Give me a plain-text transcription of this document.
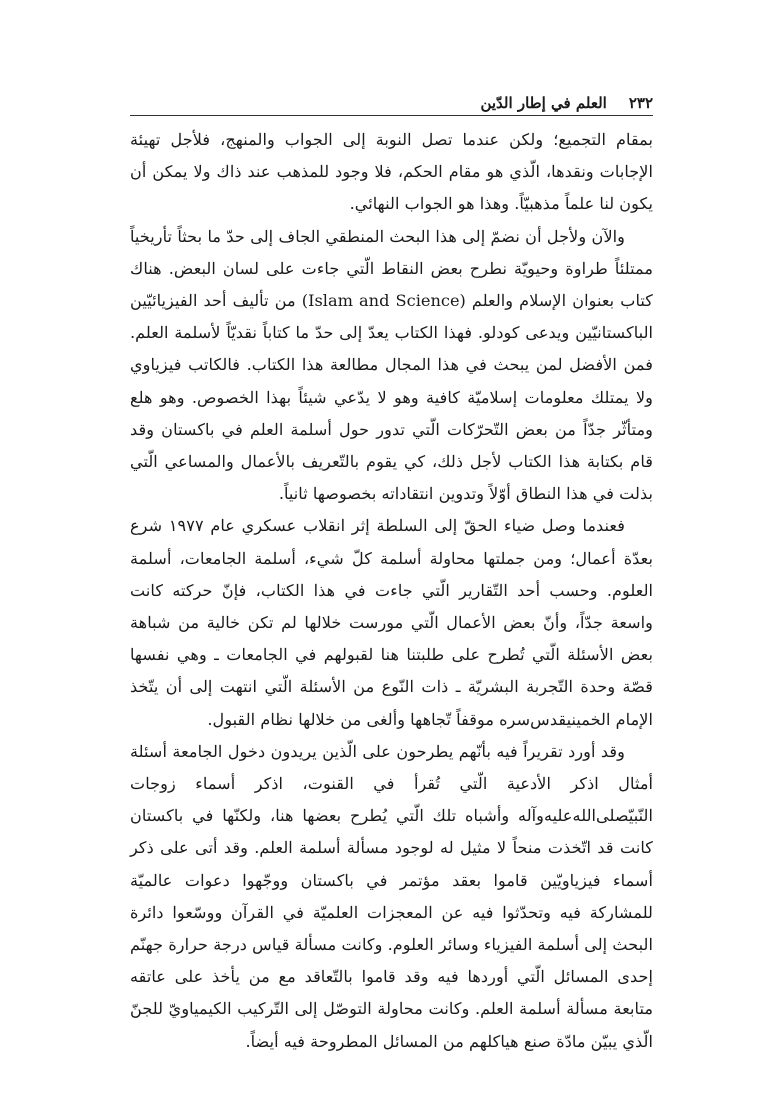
٢٣٢
العلم في إطار الدّين

بمقام التجميع؛ ولكن عندما تصل النوبة إلى الجواب والمنهج، فلأجل تهيئة الإجابات ونقدها، الّذي هو مقام الحكم، فلا وجود للمذهب عند ذاك ولا يمكن أن يكون لنا علماً مذهبيّاً. وهذا هو الجواب النهائي.

والآن ولأجل أن نضمّ إلى هذا البحث المنطقي الجاف إلى حدّ ما بحثاً تأريخياً ممتلئاً طراوة وحيويّة نطرح بعض النقاط الّتي جاءت على لسان البعض. هناك كتاب بعنوان الإسلام والعلم (Islam and Science) من تأليف أحد الفيزيائيّين الباكستانيّين ويدعى كودلو. فهذا الكتاب يعدّ إلى حدّ ما كتاباً نقديّاً لأسلمة العلم. فمن الأفضل لمن يبحث في هذا المجال مطالعة هذا الكتاب. فالكاتب فيزياوي ولا يمتلك معلومات إسلاميّة كافية وهو لا يدّعي شيئاً بهذا الخصوص. وهو هلع ومتأثّر جدّاً من بعض التّحرّكات الّتي تدور حول أسلمة العلم في باكستان وقد قام بكتابة هذا الكتاب لأجل ذلك، كي يقوم بالتّعريف بالأعمال والمساعي الّتي بذلت في هذا النطاق أوّلاً وتدوين انتقاداته بخصوصها ثانياً.

فعندما وصل ضياء الحقّ إلى السلطة إثر انقلاب عسكري عام ١٩٧٧ شرع بعدّة أعمال؛ ومن جملتها محاولة أسلمة كلّ شيء، أسلمة الجامعات، أسلمة العلوم. وحسب أحد التّقارير الّتي جاءت في هذا الكتاب، فإنّ حركته كانت واسعة جدّاً، وأنّ بعض الأعمال الّتي مورست خلالها لم تكن خالية من شباهة بعض الأسئلة الّتي تُطرح على طلبتنا هنا لقبولهم في الجامعات ـ وهي نفسها قصّة وحدة التّجربة البشريّة ـ ذات النّوع من الأسئلة الّتي انتهت إلى أن يتّخذ الإمام الخمينيقدس‌سره موقفاً تّجاهها وألغى من خلالها نظام القبول.

وقد أورد تقريراً فيه بأنّهم يطرحون على الّذين يريدون دخول الجامعة أسئلة أمثال اذكر الأدعية الّتي تُقرأ في القنوت، اذكر أسماء زوجات النّبيّصلى‌الله‌عليه‌وآله وأشباه تلك الّتي يُطرح بعضها هنا، ولكنّها في باكستان كانت قد اتّخذت منحاً لا مثيل له لوجود مسألة أسلمة العلم. وقد أتى على ذكر أسماء فيزياويّين قاموا بعقد مؤتمر في باكستان ووجّهوا دعوات عالميّة للمشاركة فيه وتحدّثوا فيه عن المعجزات العلميّة في القرآن ووسّعوا دائرة البحث إلى أسلمة الفيزياء وسائر العلوم. وكانت مسألة قياس درجة حرارة جهنّم إحدى المسائل الّتي أوردها فيه وقد قاموا بالتّعاقد مع من يأخذ على عاتقه متابعة مسألة أسلمة العلم. وكانت محاولة التوصّل إلى التّركيب الكيمياويّ للجنّ الّذي يبيّن مادّة صنع هياكلهم من المسائل المطروحة فيه أيضاً.
